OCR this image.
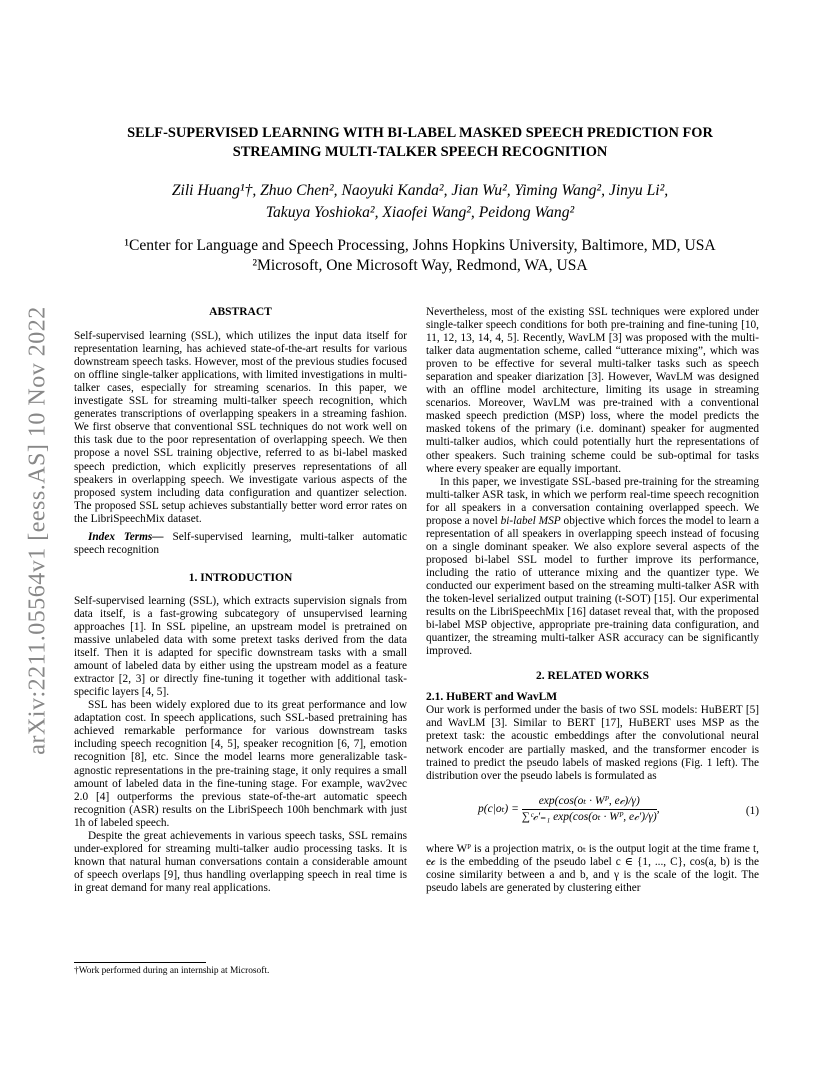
arXiv:2211.05564v1 [eess.AS] 10 Nov 2022
SELF-SUPERVISED LEARNING WITH BI-LABEL MASKED SPEECH PREDICTION FOR
STREAMING MULTI-TALKER SPEECH RECOGNITION
Zili Huang¹†, Zhuo Chen², Naoyuki Kanda², Jian Wu², Yiming Wang², Jinyu Li²,
Takuya Yoshioka², Xiaofei Wang², Peidong Wang²
¹Center for Language and Speech Processing, Johns Hopkins University, Baltimore, MD, USA
²Microsoft, One Microsoft Way, Redmond, WA, USA

ABSTRACT

Self-supervised learning (SSL), which utilizes the input data itself for representation learning, has achieved state-of-the-art results for various downstream speech tasks. However, most of the previous studies focused on offline single-talker applications, with limited investigations in multi-talker cases, especially for streaming scenarios. In this paper, we investigate SSL for streaming multi-talker speech recognition, which generates transcriptions of overlapping speakers in a streaming fashion. We first observe that conventional SSL techniques do not work well on this task due to the poor representation of overlapping speech. We then propose a novel SSL training objective, referred to as bi-label masked speech prediction, which explicitly preserves representations of all speakers in overlapping speech. We investigate various aspects of the proposed system including data configuration and quantizer selection. The proposed SSL setup achieves substantially better word error rates on the LibriSpeechMix dataset.

Index Terms— Self-supervised learning, multi-talker automatic speech recognition

1. INTRODUCTION

Self-supervised learning (SSL), which extracts supervision signals from data itself, is a fast-growing subcategory of unsupervised learning approaches [1]. In SSL pipeline, an upstream model is pretrained on massive unlabeled data with some pretext tasks derived from the data itself. Then it is adapted for specific downstream tasks with a small amount of labeled data by either using the upstream model as a feature extractor [2, 3] or directly fine-tuning it together with additional task-specific layers [4, 5].

SSL has been widely explored due to its great performance and low adaptation cost. In speech applications, such SSL-based pretraining has achieved remarkable performance for various downstream tasks including speech recognition [4, 5], speaker recognition [6, 7], emotion recognition [8], etc. Since the model learns more generalizable task-agnostic representations in the pre-training stage, it only requires a small amount of labeled data in the fine-tuning stage. For example, wav2vec 2.0 [4] outperforms the previous state-of-the-art automatic speech recognition (ASR) results on the LibriSpeech 100h benchmark with just 1h of labeled speech.

Despite the great achievements in various speech tasks, SSL remains under-explored for streaming multi-talker audio processing tasks. It is known that natural human conversations contain a considerable amount of speech overlaps [9], thus handling overlapping speech in real time is in great demand for many real applications.

†Work performed during an internship at Microsoft.

Nevertheless, most of the existing SSL techniques were explored under single-talker speech conditions for both pre-training and fine-tuning [10, 11, 12, 13, 14, 4, 5]. Recently, WavLM [3] was proposed with the multi-talker data augmentation scheme, called “utterance mixing”, which was proven to be effective for several multi-talker tasks such as speech separation and speaker diarization [3]. However, WavLM was designed with an offline model architecture, limiting its usage in streaming scenarios. Moreover, WavLM was pre-trained with a conventional masked speech prediction (MSP) loss, where the model predicts the masked tokens of the primary (i.e. dominant) speaker for augmented multi-talker audios, which could potentially hurt the representations of other speakers. Such training scheme could be sub-optimal for tasks where every speaker are equally important.

In this paper, we investigate SSL-based pre-training for the streaming multi-talker ASR task, in which we perform real-time speech recognition for all speakers in a conversation containing overlapped speech. We propose a novel bi-label MSP objective which forces the model to learn a representation of all speakers in overlapping speech instead of focusing on a single dominant speaker. We also explore several aspects of the proposed bi-label SSL model to further improve its performance, including the ratio of utterance mixing and the quantizer type. We conducted our experiment based on the streaming multi-talker ASR with the token-level serialized output training (t-SOT) [15]. Our experimental results on the LibriSpeechMix [16] dataset reveal that, with the proposed bi-label MSP objective, appropriate pre-training data configuration, and quantizer, the streaming multi-talker ASR accuracy can be significantly improved.

2. RELATED WORKS

2.1. HuBERT and WavLM

Our work is performed under the basis of two SSL models: HuBERT [5] and WavLM [3]. Similar to BERT [17], HuBERT uses MSP as the pretext task: the acoustic embeddings after the convolutional neural network encoder are partially masked, and the transformer encoder is trained to predict the pseudo labels of masked regions (Fig. 1 left). The distribution over the pseudo labels is formulated as

$p(c|o_t) = \frac{\text{exp(cos(oₜ · Wᴾ, e𝒸)/γ)}}{\text{∑ᶜ𝒸′₌₁ exp(cos(oₜ · Wᴾ, e𝒸′)/γ)}}$ ,	(1)

where Wᴾ is a projection matrix, oₜ is the output logit at the time frame t, e𝒸 is the embedding of the pseudo label c ∈ {1, ..., C}, cos(a, b) is the cosine similarity between a and b, and γ is the scale of the logit. The pseudo labels are generated by clustering either
